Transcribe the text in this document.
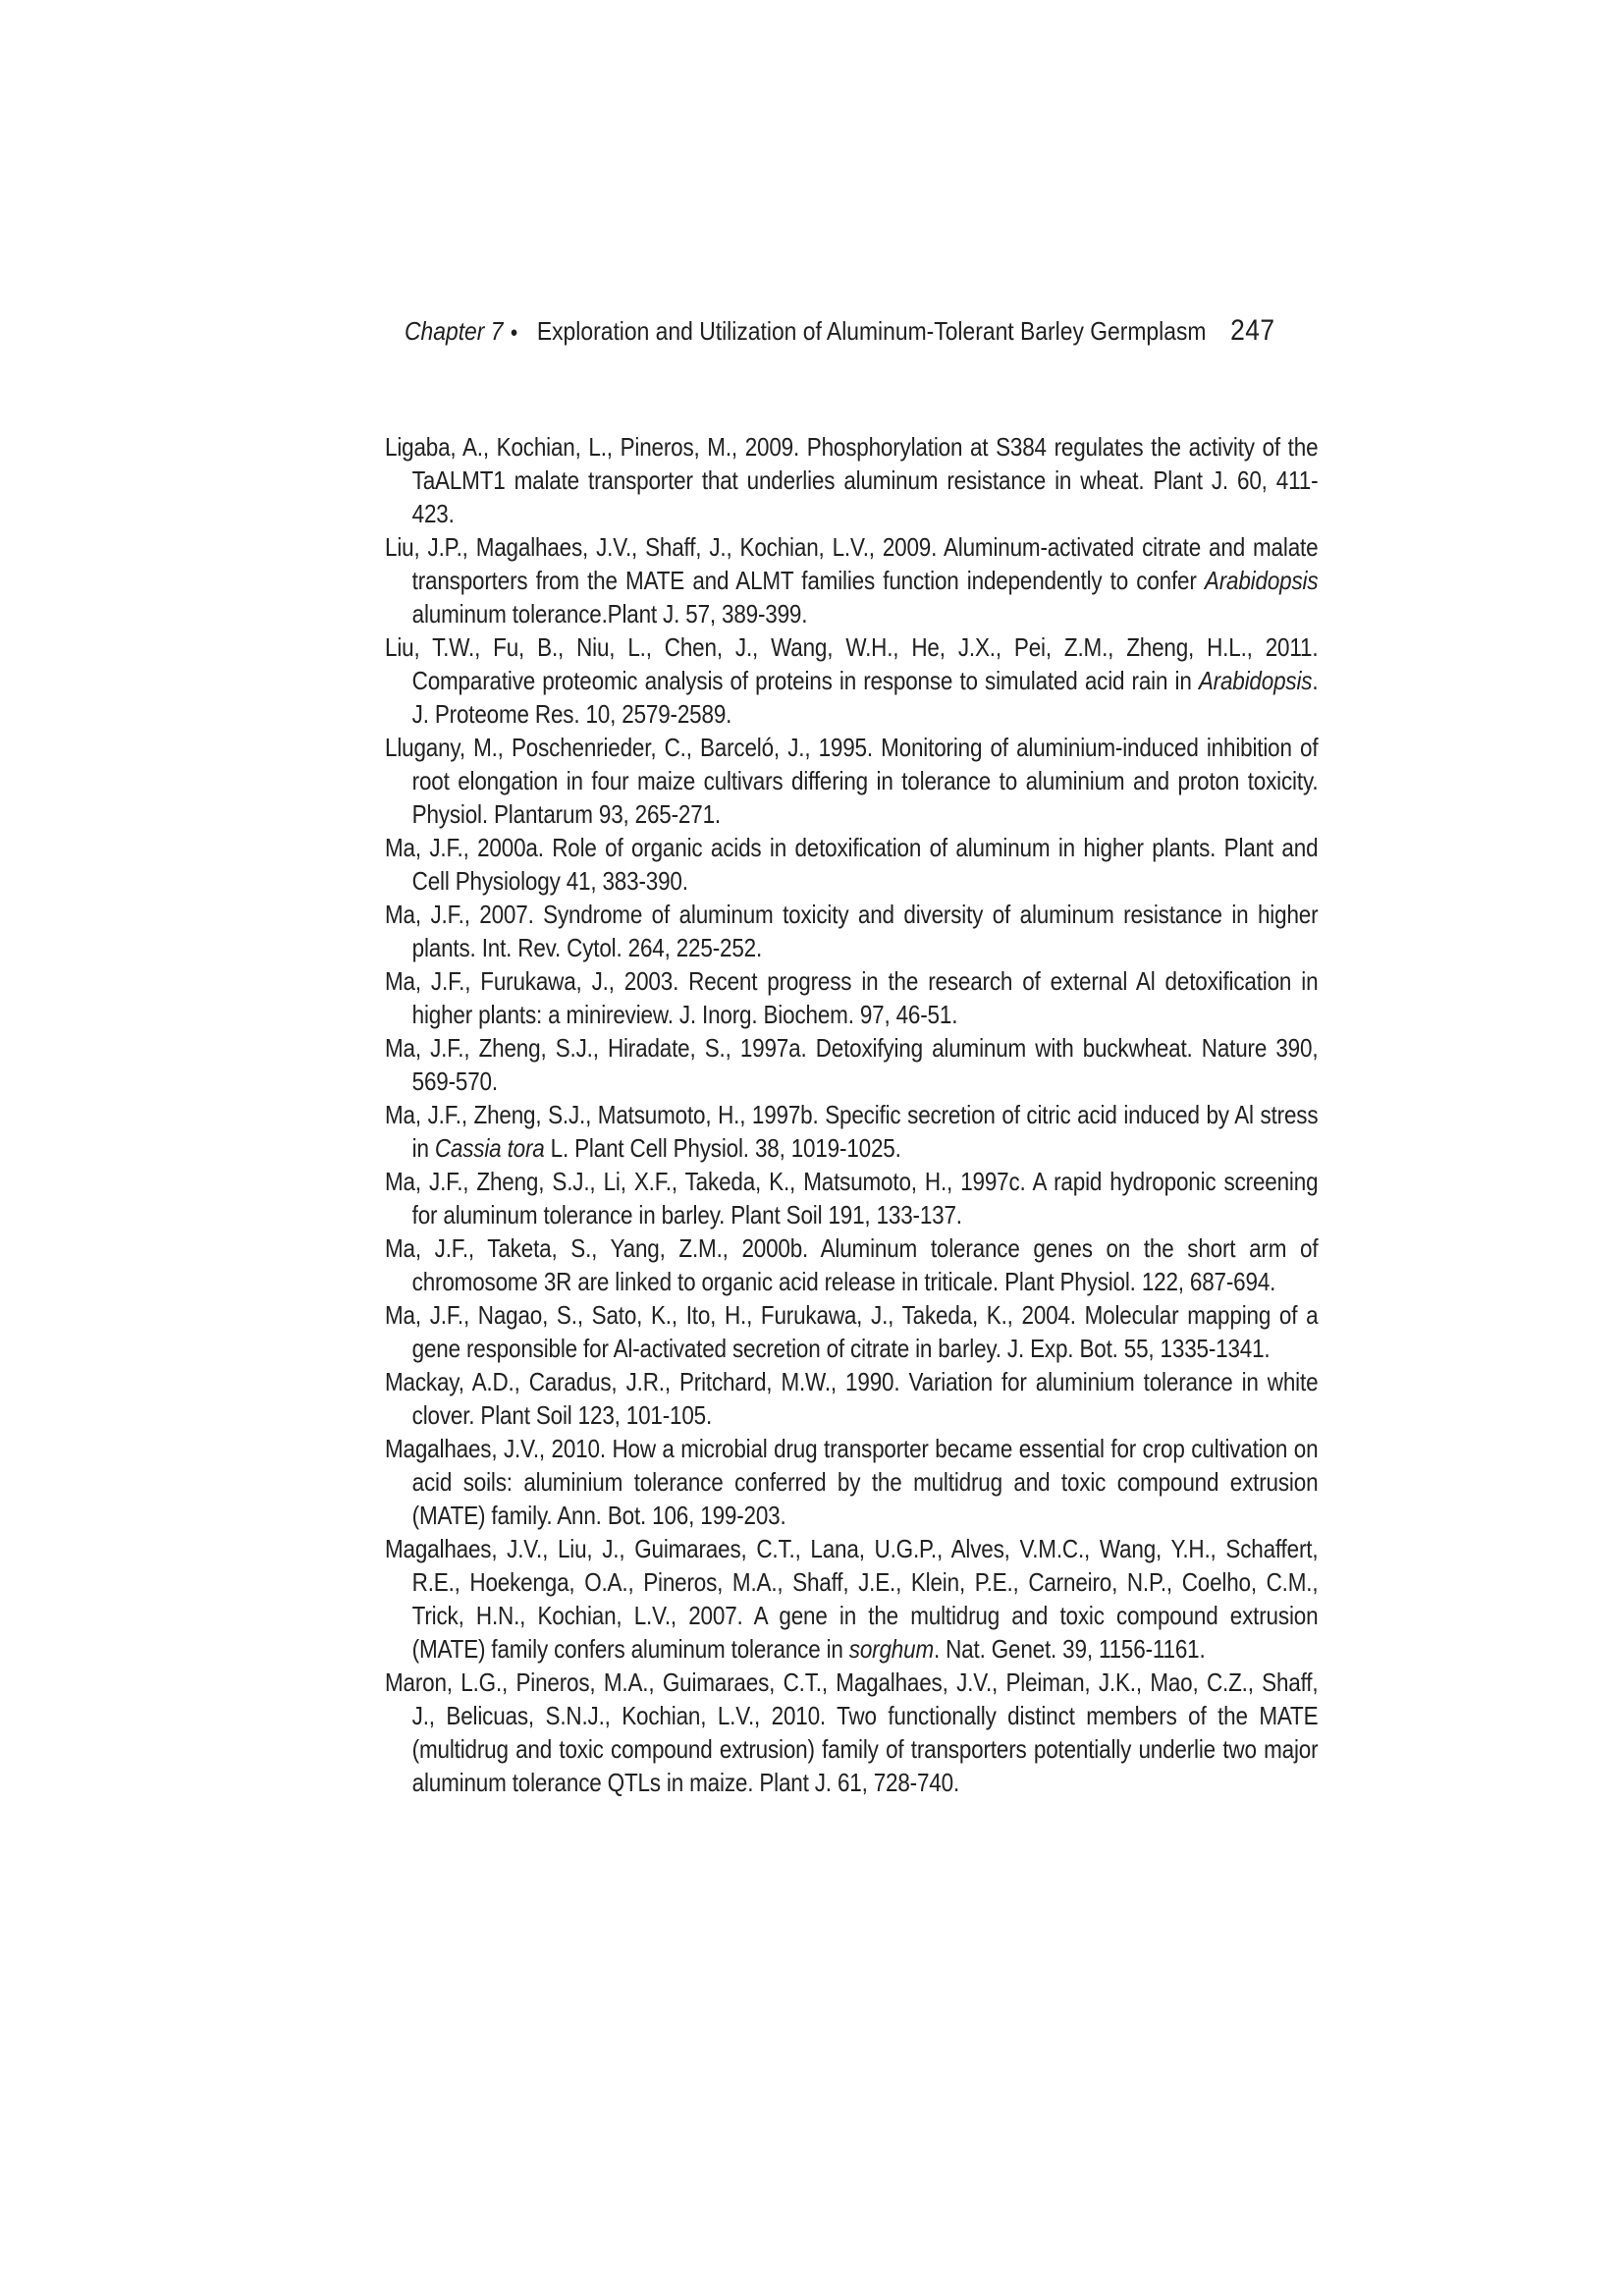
Chapter 7 ● Exploration and Utilization of Aluminum-Tolerant Barley Germplasm 247

Ligaba, A., Kochian, L., Pineros, M., 2009. Phosphorylation at S384 regulates the activity of the TaALMT1 malate transporter that underlies aluminum resistance in wheat. Plant J. 60, 411-423.

Liu, J.P., Magalhaes, J.V., Shaff, J., Kochian, L.V., 2009. Aluminum-activated citrate and malate transporters from the MATE and ALMT families function independently to confer Arabidopsis aluminum tolerance.Plant J. 57, 389-399.

Liu, T.W., Fu, B., Niu, L., Chen, J., Wang, W.H., He, J.X., Pei, Z.M., Zheng, H.L., 2011. Comparative proteomic analysis of proteins in response to simulated acid rain in Arabidopsis. J. Proteome Res. 10, 2579-2589.

Llugany, M., Poschenrieder, C., Barceló, J., 1995. Monitoring of aluminium-induced inhibition of root elongation in four maize cultivars differing in tolerance to aluminium and proton toxicity. Physiol. Plantarum 93, 265-271.

Ma, J.F., 2000a. Role of organic acids in detoxification of aluminum in higher plants. Plant and Cell Physiology 41, 383-390.

Ma, J.F., 2007. Syndrome of aluminum toxicity and diversity of aluminum resistance in higher plants. Int. Rev. Cytol. 264, 225-252.

Ma, J.F., Furukawa, J., 2003. Recent progress in the research of external Al detoxification in higher plants: a minireview. J. Inorg. Biochem. 97, 46-51.

Ma, J.F., Zheng, S.J., Hiradate, S., 1997a. Detoxifying aluminum with buckwheat. Nature 390, 569-570.

Ma, J.F., Zheng, S.J., Matsumoto, H., 1997b. Specific secretion of citric acid induced by Al stress in Cassia tora L. Plant Cell Physiol. 38, 1019-1025.

Ma, J.F., Zheng, S.J., Li, X.F., Takeda, K., Matsumoto, H., 1997c. A rapid hydroponic screening for aluminum tolerance in barley. Plant Soil 191, 133-137.

Ma, J.F., Taketa, S., Yang, Z.M., 2000b. Aluminum tolerance genes on the short arm of chromosome 3R are linked to organic acid release in triticale. Plant Physiol. 122, 687-694.

Ma, J.F., Nagao, S., Sato, K., Ito, H., Furukawa, J., Takeda, K., 2004. Molecular mapping of a gene responsible for Al-activated secretion of citrate in barley. J. Exp. Bot. 55, 1335-1341.

Mackay, A.D., Caradus, J.R., Pritchard, M.W., 1990. Variation for aluminium tolerance in white clover. Plant Soil 123, 101-105.

Magalhaes, J.V., 2010. How a microbial drug transporter became essential for crop cultivation on acid soils: aluminium tolerance conferred by the multidrug and toxic compound extrusion (MATE) family. Ann. Bot. 106, 199-203.

Magalhaes, J.V., Liu, J., Guimaraes, C.T., Lana, U.G.P., Alves, V.M.C., Wang, Y.H., Schaffert, R.E., Hoekenga, O.A., Pineros, M.A., Shaff, J.E., Klein, P.E., Carneiro, N.P., Coelho, C.M., Trick, H.N., Kochian, L.V., 2007. A gene in the multidrug and toxic compound extrusion (MATE) family confers aluminum tolerance in sorghum. Nat. Genet. 39, 1156-1161.

Maron, L.G., Pineros, M.A., Guimaraes, C.T., Magalhaes, J.V., Pleiman, J.K., Mao, C.Z., Shaff, J., Belicuas, S.N.J., Kochian, L.V., 2010. Two functionally distinct members of the MATE (multidrug and toxic compound extrusion) family of transporters potentially underlie two major aluminum tolerance QTLs in maize. Plant J. 61, 728-740.
